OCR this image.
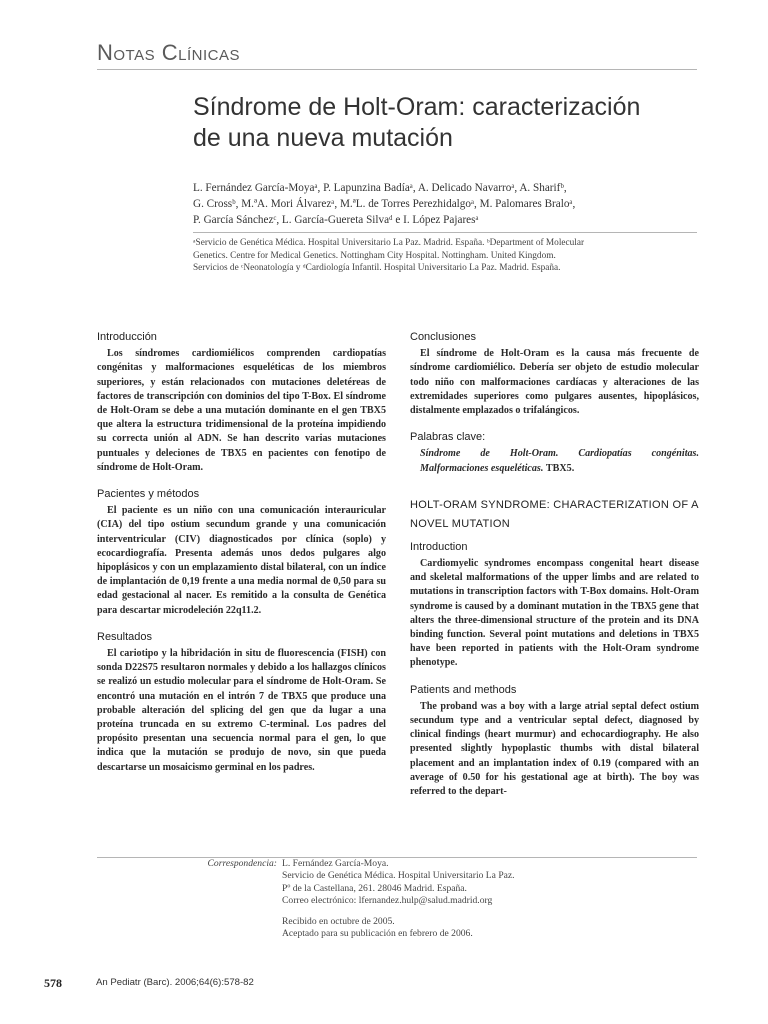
Notas Clínicas
Síndrome de Holt-Oram: caracterización
de una nueva mutación
L. Fernández García-Moyaᵃ, P. Lapunzina Badíaᵃ, A. Delicado Navarroᵃ, A. Sharifᵇ,
G. Crossᵇ, M.ªA. Mori Álvarezᵃ, M.ªL. de Torres Perezhidalgoᵃ, M. Palomares Braloᵃ,
P. García Sánchezᶜ, L. García-Guereta Silvaᵈ e I. López Pajaresᵃ
ᵃServicio de Genética Médica. Hospital Universitario La Paz. Madrid. España. ᵇDepartment of Molecular
Genetics. Centre for Medical Genetics. Nottingham City Hospital. Nottingham. United Kingdom.
Servicios de ᶜNeonatología y ᵈCardiología Infantil. Hospital Universitario La Paz. Madrid. España.
Introducción

Los síndromes cardiomiélicos comprenden cardiopatías congénitas y malformaciones esqueléticas de los miembros superiores, y están relacionados con mutaciones deletéreas de factores de transcripción con dominios del tipo T-Box. El síndrome de Holt-Oram se debe a una mutación dominante en el gen TBX5 que altera la estructura tridimensional de la proteína impidiendo su correcta unión al ADN. Se han descrito varias mutaciones puntuales y deleciones de TBX5 en pacientes con fenotipo de síndrome de Holt-Oram.

Pacientes y métodos

El paciente es un niño con una comunicación interauricular (CIA) del tipo ostium secundum grande y una comunicación interventricular (CIV) diagnosticados por clínica (soplo) y ecocardiografía. Presenta además unos dedos pulgares algo hipoplásicos y con un emplazamiento distal bilateral, con un índice de implantación de 0,19 frente a una media normal de 0,50 para su edad gestacional al nacer. Es remitido a la consulta de Genética para descartar microdeleción 22q11.2.

Resultados

El cariotipo y la hibridación in situ de fluorescencia (FISH) con sonda D22S75 resultaron normales y debido a los hallazgos clínicos se realizó un estudio molecular para el síndrome de Holt-Oram. Se encontró una mutación en el intrón 7 de TBX5 que produce una probable alteración del splicing del gen que da lugar a una proteína truncada en su extremo C-terminal. Los padres del propósito presentan una secuencia normal para el gen, lo que indica que la mutación se produjo de novo, sin que pueda descartarse un mosaicismo germinal en los padres.

Conclusiones

El síndrome de Holt-Oram es la causa más frecuente de síndrome cardiomiélico. Debería ser objeto de estudio molecular todo niño con malformaciones cardíacas y alteraciones de las extremidades superiores como pulgares ausentes, hipoplásicos, distalmente emplazados o trifalángicos.

Palabras clave:

Síndrome de Holt-Oram. Cardiopatías congénitas. Malformaciones esqueléticas. TBX5.

HOLT-ORAM SYNDROME: CHARACTERIZATION OF A NOVEL MUTATION
Introduction

Cardiomyelic syndromes encompass congenital heart disease and skeletal malformations of the upper limbs and are related to mutations in transcription factors with T-Box domains. Holt-Oram syndrome is caused by a dominant mutation in the TBX5 gene that alters the three-dimensional structure of the protein and its DNA binding function. Several point mutations and deletions in TBX5 have been reported in patients with the Holt-Oram syndrome phenotype.

Patients and methods

The proband was a boy with a large atrial septal defect ostium secundum type and a ventricular septal defect, diagnosed by clinical findings (heart murmur) and echocardiography. He also presented slightly hypoplastic thumbs with distal bilateral placement and an implantation index of 0.19 (compared with an average of 0.50 for his gestational age at birth). The boy was referred to the depart-

Correspondencia: L. Fernández García-Moya.
Servicio de Genética Médica. Hospital Universitario La Paz.
Pº de la Castellana, 261. 28046 Madrid. España.
Correo electrónico: lfernandez.hulp@salud.madrid.org
Recibido en octubre de 2005.
Aceptado para su publicación en febrero de 2006.
578	An Pediatr (Barc). 2006;64(6):578-82
